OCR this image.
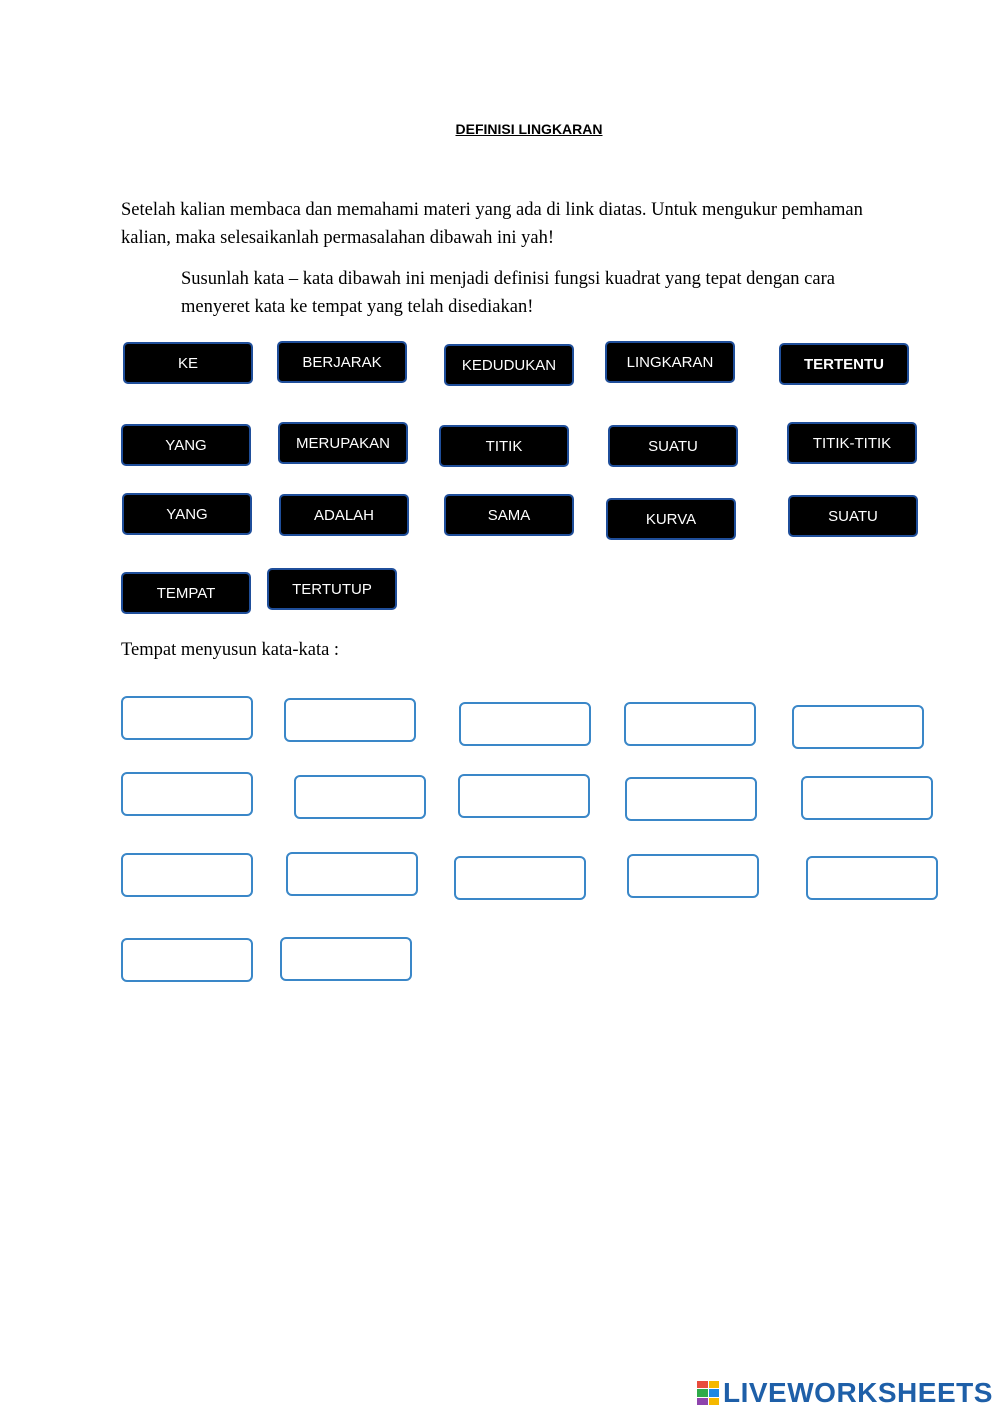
DEFINISI LINGKARAN
Setelah kalian membaca dan memahami materi yang ada di link diatas. Untuk mengukur pemhaman kalian, maka selesaikanlah permasalahan dibawah ini yah!
Susunlah kata – kata dibawah ini menjadi definisi fungsi kuadrat yang tepat dengan cara menyeret kata ke tempat yang telah disediakan!
KE	BERJARAK	KEDUDUKAN	LINGKARAN	TERTENTU
YANG	MERUPAKAN	TITIK	SUATU	TITIK-TITIK
YANG	ADALAH	SAMA	KURVA	SUATU
TEMPAT	TERTUTUP
Tempat menyusun kata-kata :
LIVEWORKSHEETS
